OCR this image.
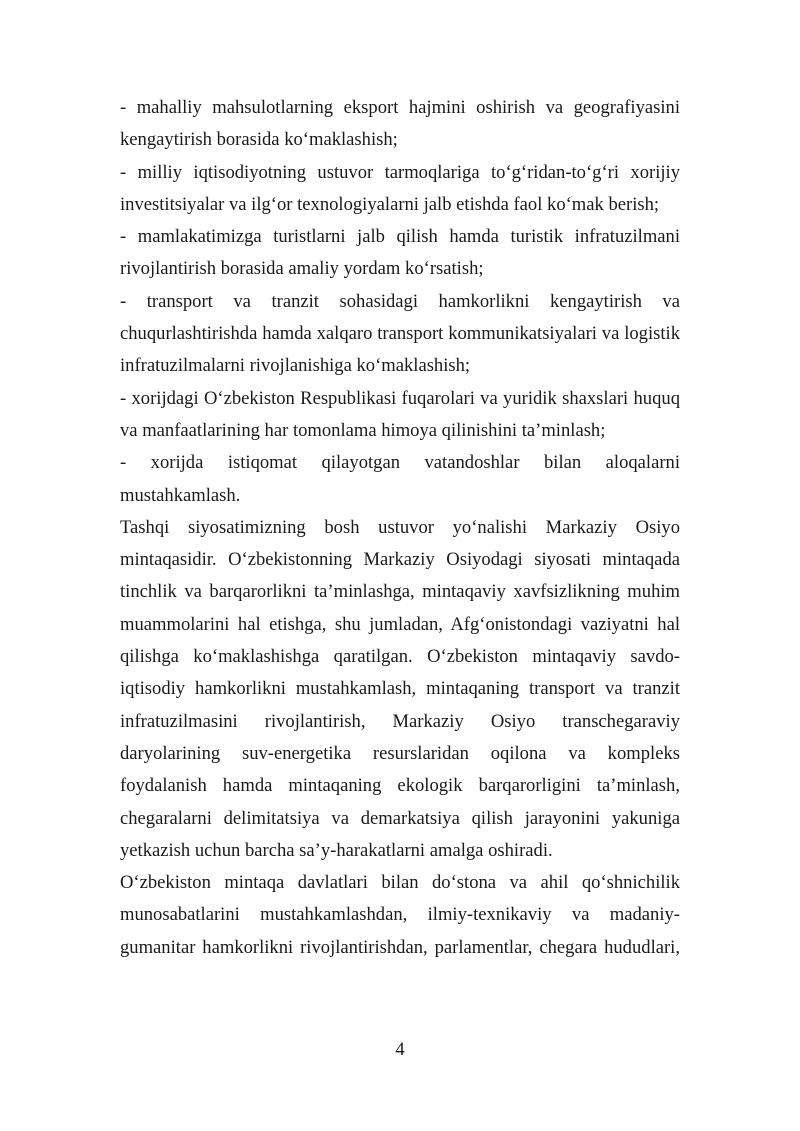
- mahalliy mahsulotlarning eksport hajmini oshirish va geografiyasini
kengaytirish borasida ko‘maklashish;
- milliy iqtisodiyotning ustuvor tarmoqlariga to‘g‘ridan-to‘g‘ri xorijiy
investitsiyalar va ilg‘or texnologiyalarni jalb etishda faol ko‘mak berish;
- mamlakatimizga turistlarni jalb qilish hamda turistik infratuzilmani
rivojlantirish borasida amaliy yordam ko‘rsatish;
- transport va tranzit sohasidagi hamkorlikni kengaytirish va
chuqurlashtirishda hamda xalqaro transport kommunikatsiyalari va logistik
infratuzilmalarni rivojlanishiga ko‘maklashish;
- xorijdagi O‘zbekiston Respublikasi fuqarolari va yuridik shaxslari huquq
va manfaatlarining har tomonlama himoya qilinishini ta’minlash;
- xorijda istiqomat qilayotgan vatandoshlar bilan aloqalarni
mustahkamlash.
Tashqi siyosatimizning bosh ustuvor yo‘nalishi Markaziy Osiyo
mintaqasidir. O‘zbekistonning Markaziy Osiyodagi siyosati mintaqada
tinchlik va barqarorlikni ta’minlashga, mintaqaviy xavfsizlikning muhim
muammolarini hal etishga, shu jumladan, Afg‘onistondagi vaziyatni hal
qilishga ko‘maklashishga qaratilgan. O‘zbekiston mintaqaviy savdo-
iqtisodiy hamkorlikni mustahkamlash, mintaqaning transport va tranzit
infratuzilmasini rivojlantirish, Markaziy Osiyo transchegaraviy
daryolarining suv-energetika resurslaridan oqilona va kompleks
foydalanish hamda mintaqaning ekologik barqarorligini ta’minlash,
chegaralarni delimitatsiya va demarkatsiya qilish jarayonini yakuniga
yetkazish uchun barcha sa’y-harakatlarni amalga oshiradi.
O‘zbekiston mintaqa davlatlari bilan do‘stona va ahil qo‘shnichilik
munosabatlarini mustahkamlashdan, ilmiy-texnikaviy va madaniy-
gumanitar hamkorlikni rivojlantirishdan, parlamentlar, chegara hududlari,
4
